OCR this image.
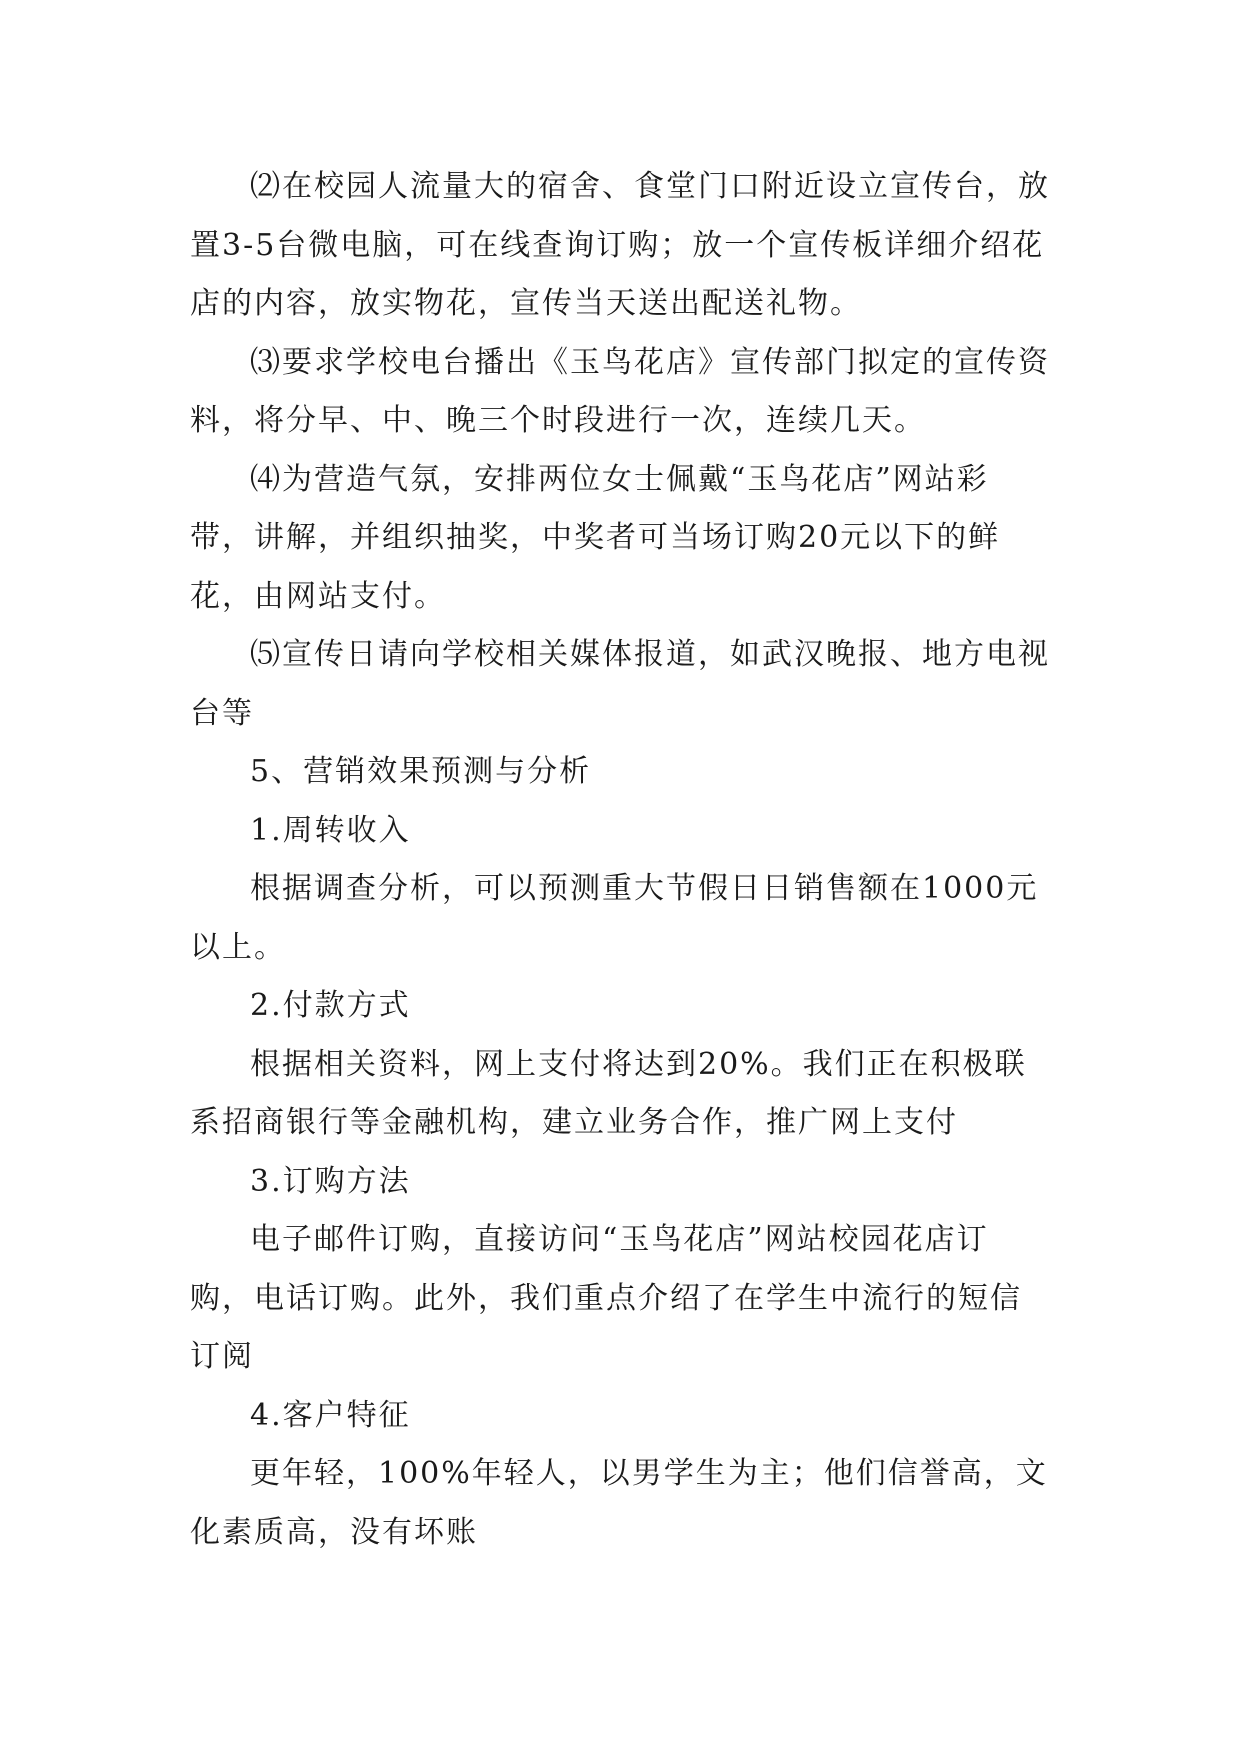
⑵在校园人流量大的宿舍、食堂门口附近设立宣传台，放置3-5台微电脑，可在线查询订购；放一个宣传板详细介绍花店的内容，放实物花，宣传当天送出配送礼物。

⑶要求学校电台播出《玉鸟花店》宣传部门拟定的宣传资料，将分早、中、晚三个时段进行一次，连续几天。

⑷为营造气氛，安排两位女士佩戴“玉鸟花店”网站彩带，讲解，并组织抽奖，中奖者可当场订购20元以下的鲜花，由网站支付。

⑸宣传日请向学校相关媒体报道，如武汉晚报、地方电视台等

5、营销效果预测与分析

1.周转收入

根据调查分析，可以预测重大节假日日销售额在1000元以上。

2.付款方式

根据相关资料，网上支付将达到20%。我们正在积极联系招商银行等金融机构，建立业务合作，推广网上支付

3.订购方法

电子邮件订购，直接访问“玉鸟花店”网站校园花店订购，电话订购。此外，我们重点介绍了在学生中流行的短信订阅

4.客户特征

更年轻，100%年轻人，以男学生为主；他们信誉高，文化素质高，没有坏账
